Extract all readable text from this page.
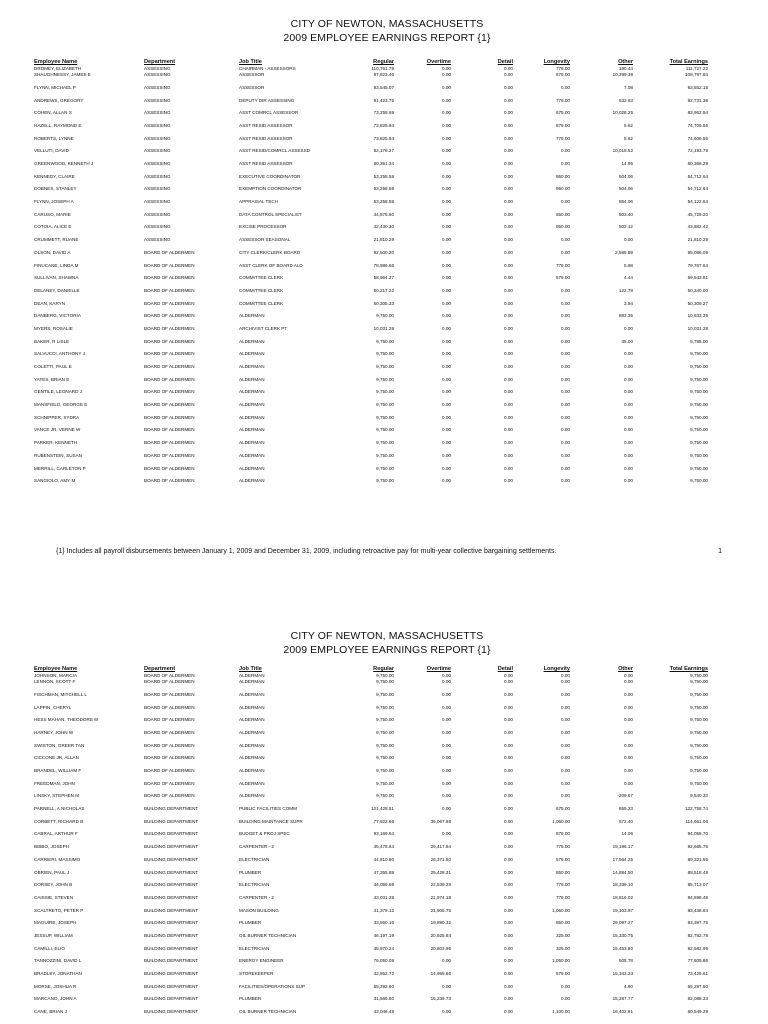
CITY OF NEWTON, MASSACHUSETTS
2009 EMPLOYEE EARNINGS REPORT {1}
Employee Name	Department	Job Title	Regular	Overtime	Detail	Longevity	Other	Total Earnings
DROMEY, ELIZABETH	ASSESSING	CHAIRMAN - ASSESSORS	110,761.78	0.00	0.00	775.00	190.44	111,727.22
SHAUGHNESSY, JAMES E	ASSESSING	ASSESSOR	97,823.46	0.00	0.00	675.00	10,299.38	108,797.84
FLYNN, MICHAEL P	ASSESSING	ASSESSOR	93,545.07	0.00	0.00	0.00	7.08	93,552.15
ANDREWS, GREGORY	ASSESSING	DEPUTY DIR ASSESSING	91,423.75	0.00	0.00	775.00	532.63	92,731.38
COHEN, ALLAN S	ASSESSING	ASST COMRCL ASSESSOR	73,258.69	0.00	0.00	675.00	10,028.25	83,962.94
HAZELL, RAYMOND E	ASSESSING	ASST RESID ASSESSOR	73,825.94	0.00	0.00	875.00	5.62	74,706.56
ROBERTS, LYNNE	ASSESSING	ASST RESID ASSESSOR	73,825.94	0.00	0.00	775.00	5.62	74,606.56
VELLUTI, DAVID	ASSESSING	ASST RESID/COMRCL ASSESSD	62,178.27	0.00	0.00	0.00	10,015.52	72,193.79
GREENWOOD, KENNETH J	ASSESSING	ASST RESID ASSESSOR	60,351.34	0.00	0.00	0.00	14.95	60,366.29
KENNEDY, CLAIRE	ASSESSING	EXECUTIVE COORDINATOR	53,258.58	0.00	0.00	950.00	504.06	54,712.64
DOBNES, STANLEY	ASSESSING	EXEMPTION COORDINATOR	53,258.58	0.00	0.00	950.00	504.06	54,712.64
FLYNN, JOSEPH A	ASSESSING	APPRAISAL TECH	53,258.58	0.00	0.00	0.00	864.06	54,122.64
CARUSO, MARIE	ASSESSING	DATA CONTROL SPECIALIST	44,575.60	0.00	0.00	650.00	503.40	45,729.20
COTOIA, ALICE E	ASSESSING	EXCISE PROCESSOR	42,430.30	0.00	0.00	950.00	502.12	43,882.42
CRUMMETT, RUANE	ASSESSING	ASSESSOR SEASONAL	21,810.29	0.00	0.00	0.00	0.00	21,810.29
OLSON, DAVID A	BOARD OF ALDERMEN	CITY CLERK/CLERK BOARD	92,500.20	0.00	0.00	0.00	2,585.89	95,086.09
FINUCANE, LINDA M	BOARD OF ALDERMEN	ASST CLERK OF BOARD ALD	78,986.66	0.00	0.00	775.00	5.98	79,767.64
SULLIVAN, SHAWNA	BOARD OF ALDERMEN	COMMITTEE CLERK	58,964.37	0.00	0.00	575.00	4.44	59,543.81
DELANEY, DANIELLE	BOARD OF ALDERMEN	COMMITTEE CLERK	50,217.22	0.00	0.00	0.00	122.78	50,340.00
DEAN, KARYN	BOARD OF ALDERMEN	COMMITTEE CLERK	50,305.33	0.00	0.00	0.00	3.94	50,309.27
DANBERG, VICTORIA	BOARD OF ALDERMEN	ALDERMAN	9,750.00	0.00	0.00	0.00	883.35	10,633.35
MYERS, ROSALIE	BOARD OF ALDERMEN	ARCHIVIST CLERK PT	10,031.28	0.00	0.00	0.00	0.00	10,031.28
BAKER, R LISLE	BOARD OF ALDERMEN	ALDERMAN	9,750.00	0.00	0.00	0.00	35.00	9,785.00
SALVUCCI, ANTHONY J	BOARD OF ALDERMEN	ALDERMAN	9,750.00	0.00	0.00	0.00	0.00	9,750.00
COLETTI, PAUL E	BOARD OF ALDERMEN	ALDERMAN	9,750.00	0.00	0.00	0.00	0.00	9,750.00
YATES, BRIAN E	BOARD OF ALDERMEN	ALDERMAN	9,750.00	0.00	0.00	0.00	0.00	9,750.00
GENTILE, LEONARD J	BOARD OF ALDERMEN	ALDERMAN	9,750.00	0.00	0.00	0.00	0.00	9,750.00
MANSFIELD, GEORGE E	BOARD OF ALDERMEN	ALDERMAN	9,750.00	0.00	0.00	0.00	0.00	9,750.00
SCHNIPPER, SYDRA	BOARD OF ALDERMEN	ALDERMAN	9,750.00	0.00	0.00	0.00	0.00	9,750.00
VANCE JR, VERNE W	BOARD OF ALDERMEN	ALDERMAN	9,750.00	0.00	0.00	0.00	0.00	9,750.00
PARKER, KENNETH	BOARD OF ALDERMEN	ALDERMAN	9,750.00	0.00	0.00	0.00	0.00	9,750.00
RUBENSTEIN, SUSAN	BOARD OF ALDERMEN	ALDERMAN	9,750.00	0.00	0.00	0.00	0.00	9,750.00
MERRILL, CARLETON P	BOARD OF ALDERMEN	ALDERMAN	9,750.00	0.00	0.00	0.00	0.00	9,750.00
SANGIOLO, AMY M	BOARD OF ALDERMEN	ALDERMAN	9,750.00	0.00	0.00	0.00	0.00	9,750.00
{1} Includes all payroll disbursements between January 1, 2009 and December 31, 2009, including retroactive pay for multi-year collective bargaining settlements.	1
CITY OF NEWTON, MASSACHUSETTS
2009 EMPLOYEE EARNINGS REPORT {1}
Employee Name	Department	Job Title	Regular	Overtime	Detail	Longevity	Other	Total Earnings
JOHNSON, MARCIA	BOARD OF ALDERMEN	ALDERMAN	9,750.00	0.00	0.00	0.00	0.00	9,750.00
LENNON, SCOTT F	BOARD OF ALDERMEN	ALDERMAN	9,750.00	0.00	0.00	0.00	0.00	9,750.00
FISCHMAN, MITCHELL L	BOARD OF ALDERMEN	ALDERMAN	9,750.00	0.00	0.00	0.00	0.00	9,750.00
LAPPIN, CHERYL	BOARD OF ALDERMEN	ALDERMAN	9,750.00	0.00	0.00	0.00	0.00	9,750.00
HESS MAHAN, THEODORE M	BOARD OF ALDERMEN	ALDERMAN	9,750.00	0.00	0.00	0.00	0.00	9,750.00
HARNEY, JOHN W	BOARD OF ALDERMEN	ALDERMAN	9,750.00	0.00	0.00	0.00	0.00	9,750.00
SWISTON, GREER TAN	BOARD OF ALDERMEN	ALDERMAN	9,750.00	0.00	0.00	0.00	0.00	9,750.00
CICCONE JR, ALLAN	BOARD OF ALDERMEN	ALDERMAN	9,750.00	0.00	0.00	0.00	0.00	9,750.00
BRANDEL, WILLIAM F	BOARD OF ALDERMEN	ALDERMAN	9,750.00	0.00	0.00	0.00	0.00	9,750.00
FREEDMAN, JOHN	BOARD OF ALDERMEN	ALDERMAN	9,750.00	0.00	0.00	0.00	0.00	9,750.00
LINSKY, STEPHEN M	BOARD OF ALDERMEN	ALDERMAN	9,750.00	0.00	0.00	0.00	-209.67	9,540.33
PARNELL, A NICHOLAS	BUILDING DEPARTMENT	PUBLIC FACILITIES COMM	121,428.51	0.00	0.00	675.00	655.23	122,758.74
CORBETT, RICHARD B	BUILDING DEPARTMENT	BUILDING MAINTANCE SUPR	77,922.68	35,067.98	0.00	1,050.00	572.40	114,661.06
CABRAL, ARTHUR F	BUILDING DEPARTMENT	BUDGET & PROJ SPEC	93,169.64	0.00	0.00	875.00	14.06	94,058.70
BIBBO, JOSEPH	BUILDING DEPARTMENT	CARPENTER - 2	45,478.64	29,417.94	0.00	775.00	19,196.17	92,665.75
CARRIERI, MASSIMO	BUILDING DEPARTMENT	ELECTRICIAN	44,810.80	26,371.50	0.00	575.00	17,564.25	89,321.55
OBRIEN, PAUL J	BUILDING DEPARTMENT	PLUMBER	47,355.88	25,428.31	0.00	850.00	14,884.50	88,518.49
DORSEY, JOHN B	BUILDING DEPARTMENT	ELECTRICIAN	44,059.68	22,539.29	0.00	775.00	18,339.10	85,713.07
CAISSIE, STEVEN	BUILDING DEPARTMENT	CARPENTER - 2	43,031.28	21,974.18	0.00	775.00	18,816.02	84,596.48
SCALTRETO, PETER P	BUILDING DEPARTMENT	MASON BUILDING	41,379.12	21,905.75	0.00	1,050.00	19,103.97	83,438.84
MAGUIRE, JOSEPH	BUILDING DEPARTMENT	PLUMBER	33,560.16	19,890.32	0.00	850.00	29,097.27	83,397.75
JESSUP, WILLIAM	BUILDING DEPARTMENT	OIL BURNER TECHNICIAN	46,197.19	20,925.84	0.00	325.00	15,330.75	82,782.78
CAMILLI, ELIO	BUILDING DEPARTMENT	ELECTRICIAN	45,970.24	20,803.95	0.00	325.00	15,453.80	82,582.99
TANNOZZINI, DAVID L	BUILDING DEPARTMENT	ENERGY ENGINEER	76,050.08	0.00	0.00	1,050.00	505.78	77,605.86
BRADLEY, JONATHAN	BUILDING DEPARTMENT	STOREKEEPER	42,552.72	14,955.66	0.00	575.00	15,343.23	73,426.61
MORSE, JOSHUA R	BUILDING DEPARTMENT	FACILITIES/OPERATIONS SUP	65,292.60	0.00	0.00	0.00	4.90	65,297.50
MARCANO, JOHN A	BUILDING DEPARTMENT	PLUMBER	31,566.60	15,239.73	0.00	0.00	15,287.77	62,088.33
CANE, BRIAN J	BUILDING DEPARTMENT	OIL BURNER TECHNICIAN	43,046.48	0.00	0.00	1,100.00	16,402.81	60,549.29
